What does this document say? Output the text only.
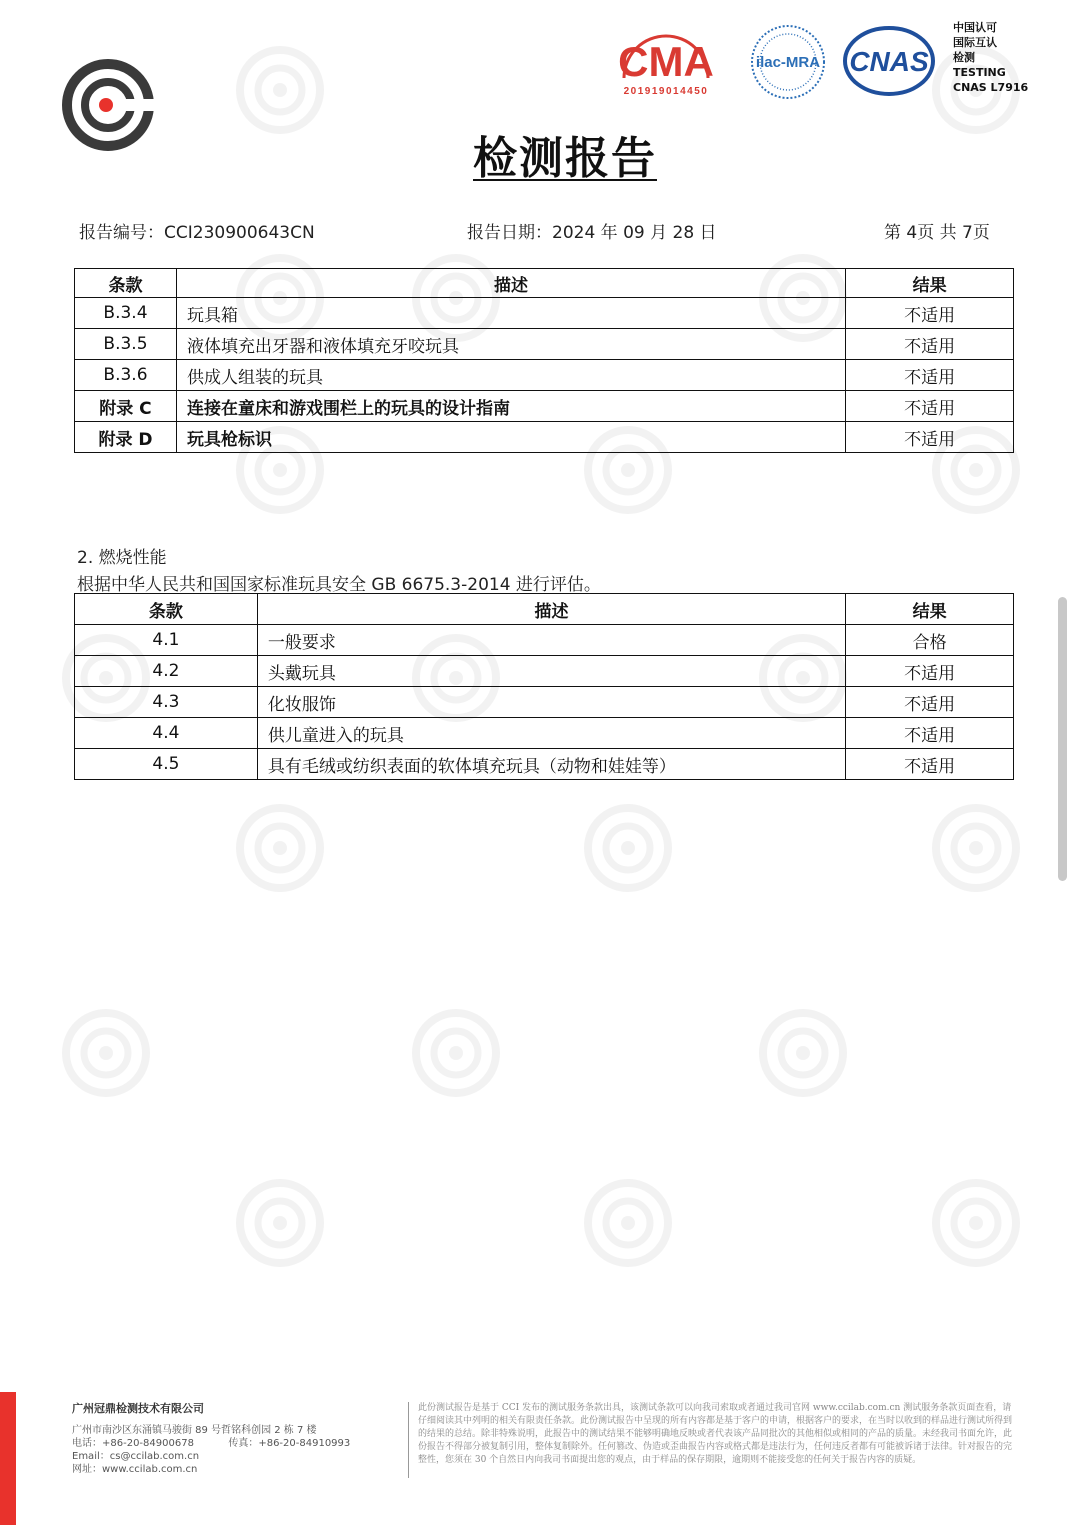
CMA
201919014450
ilac-MRA CNAS
中国认可
国际互认
检测
TESTING
CNAS L7916
检测报告
报告编号：CCI230900643CN	报告日期：2024 年 09 月 28 日	第 4页 共 7页
条款	描述	结果
B.3.4	玩具箱	不适用
B.3.5	液体填充出牙器和液体填充牙咬玩具	不适用
B.3.6	供成人组装的玩具	不适用
附录 C	连接在童床和游戏围栏上的玩具的设计指南	不适用
附录 D	玩具枪标识	不适用
2. 燃烧性能
根据中华人民共和国国家标准玩具安全 GB 6675.3-2014 进行评估。
条款	描述	结果
4.1	一般要求	合格
4.2	头戴玩具	不适用
4.3	化妆服饰	不适用
4.4	供儿童进入的玩具	不适用
4.5	具有毛绒或纺织表面的软体填充玩具（动物和娃娃等）	不适用
广州冠鼎检测技术有限公司
广州市南沙区东涌镇马骏街 89 号哲铭科创园 2 栋 7 楼
电话：+86-20-84900678	传真：+86-20-84910993
Email：cs@ccilab.com.cn
网址：www.ccilab.com.cn
此份测试报告是基于 CCI 发布的测试服务条款出具，该测试条款可以向我司索取或者通过我司官网 www.ccilab.com.cn 测试服务条款页面查看，请仔细阅读其中列明的相关有限责任条款。此份测试报告中呈现的所有内容都是基于客户的申请，根据客户的要求，在当时以收到的样品进行测试所得到的结果的总结。除非特殊说明，此报告中的测试结果不能够明确地反映或者代表该产品同批次的其他相似或相同的产品的质量。未经我司书面允许，此份报告不得部分被复制引用，整体复制除外。任何篡改、伪造或歪曲报告内容或格式都是违法行为，任何违反者都有可能被诉诸于法律。针对报告的完整性，您须在 30 个自然日内向我司书面提出您的观点，由于样品的保存期限，逾期则不能接受您的任何关于报告内容的质疑。
